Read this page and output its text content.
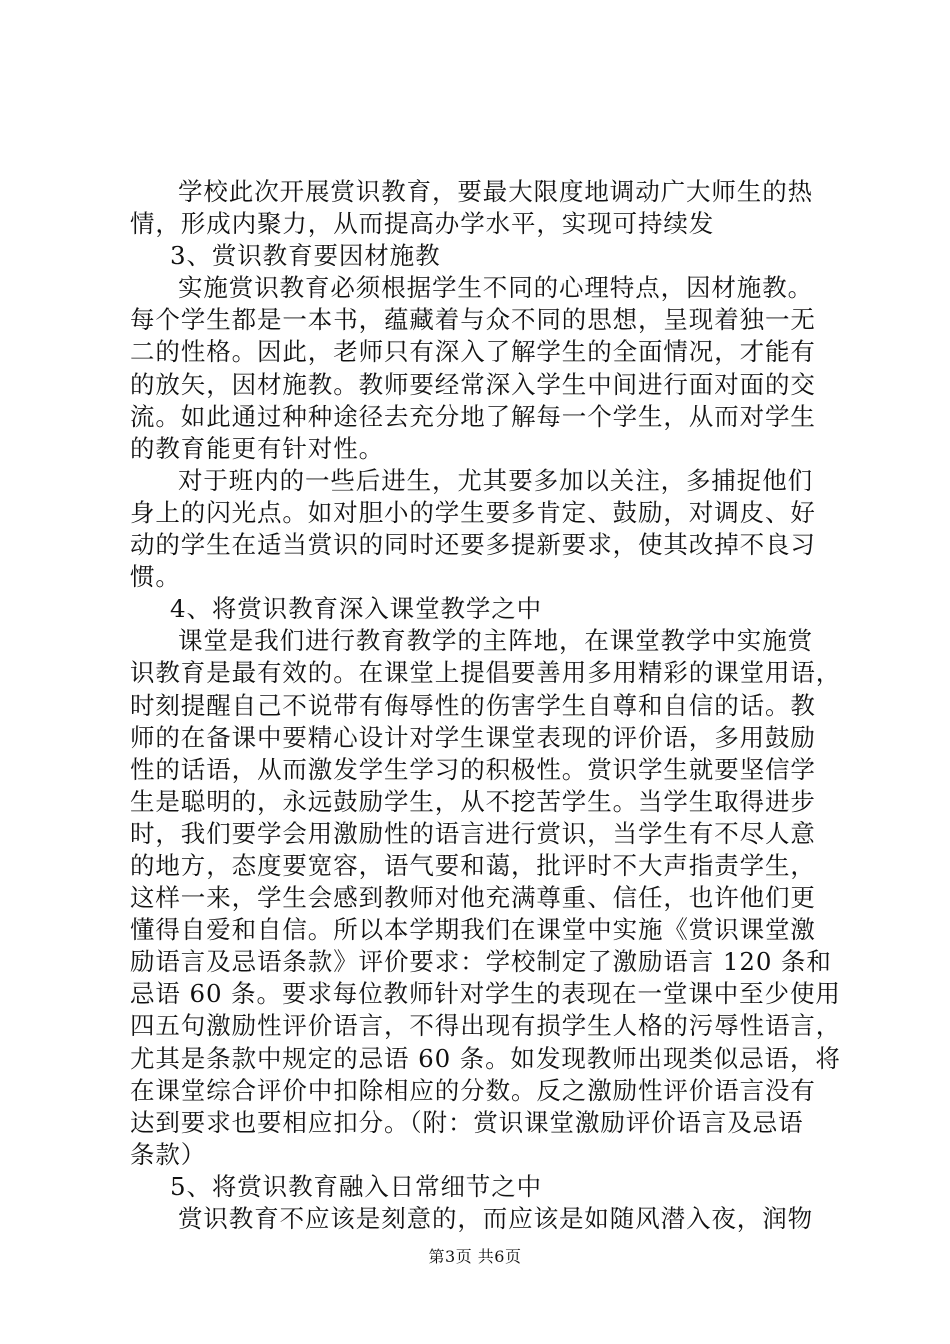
学校此次开展赏识教育，要最大限度地调动广大师生的热
情，形成内聚力，从而提高办学水平，实现可持续发
3、赏识教育要因材施教
实施赏识教育必须根据学生不同的心理特点，因材施教。
每个学生都是一本书，蕴藏着与众不同的思想，呈现着独一无
二的性格。因此，老师只有深入了解学生的全面情况，才能有
的放矢，因材施教。教师要经常深入学生中间进行面对面的交
流。如此通过种种途径去充分地了解每一个学生，从而对学生
的教育能更有针对性。
对于班内的一些后进生，尤其要多加以关注，多捕捉他们
身上的闪光点。如对胆小的学生要多肯定、鼓励，对调皮、好
动的学生在适当赏识的同时还要多提新要求，使其改掉不良习
惯。
4、将赏识教育深入课堂教学之中
课堂是我们进行教育教学的主阵地，在课堂教学中实施赏
识教育是最有效的。在课堂上提倡要善用多用精彩的课堂用语，
时刻提醒自己不说带有侮辱性的伤害学生自尊和自信的话。教
师的在备课中要精心设计对学生课堂表现的评价语，多用鼓励
性的话语，从而激发学生学习的积极性。赏识学生就要坚信学
生是聪明的，永远鼓励学生，从不挖苦学生。当学生取得进步
时，我们要学会用激励性的语言进行赏识，当学生有不尽人意
的地方，态度要宽容，语气要和蔼，批评时不大声指责学生，
这样一来，学生会感到教师对他充满尊重、信任，也许他们更
懂得自爱和自信。所以本学期我们在课堂中实施《赏识课堂激
励语言及忌语条款》评价要求：学校制定了激励语言 120 条和
忌语 60 条。要求每位教师针对学生的表现在一堂课中至少使用
四五句激励性评价语言，不得出现有损学生人格的污辱性语言，
尤其是条款中规定的忌语 60 条。如发现教师出现类似忌语，将
在课堂综合评价中扣除相应的分数。反之激励性评价语言没有
达到要求也要相应扣分。（附：赏识课堂激励评价语言及忌语
条款）
5、将赏识教育融入日常细节之中
赏识教育不应该是刻意的，而应该是如随风潜入夜，润物
第3页 共6页
